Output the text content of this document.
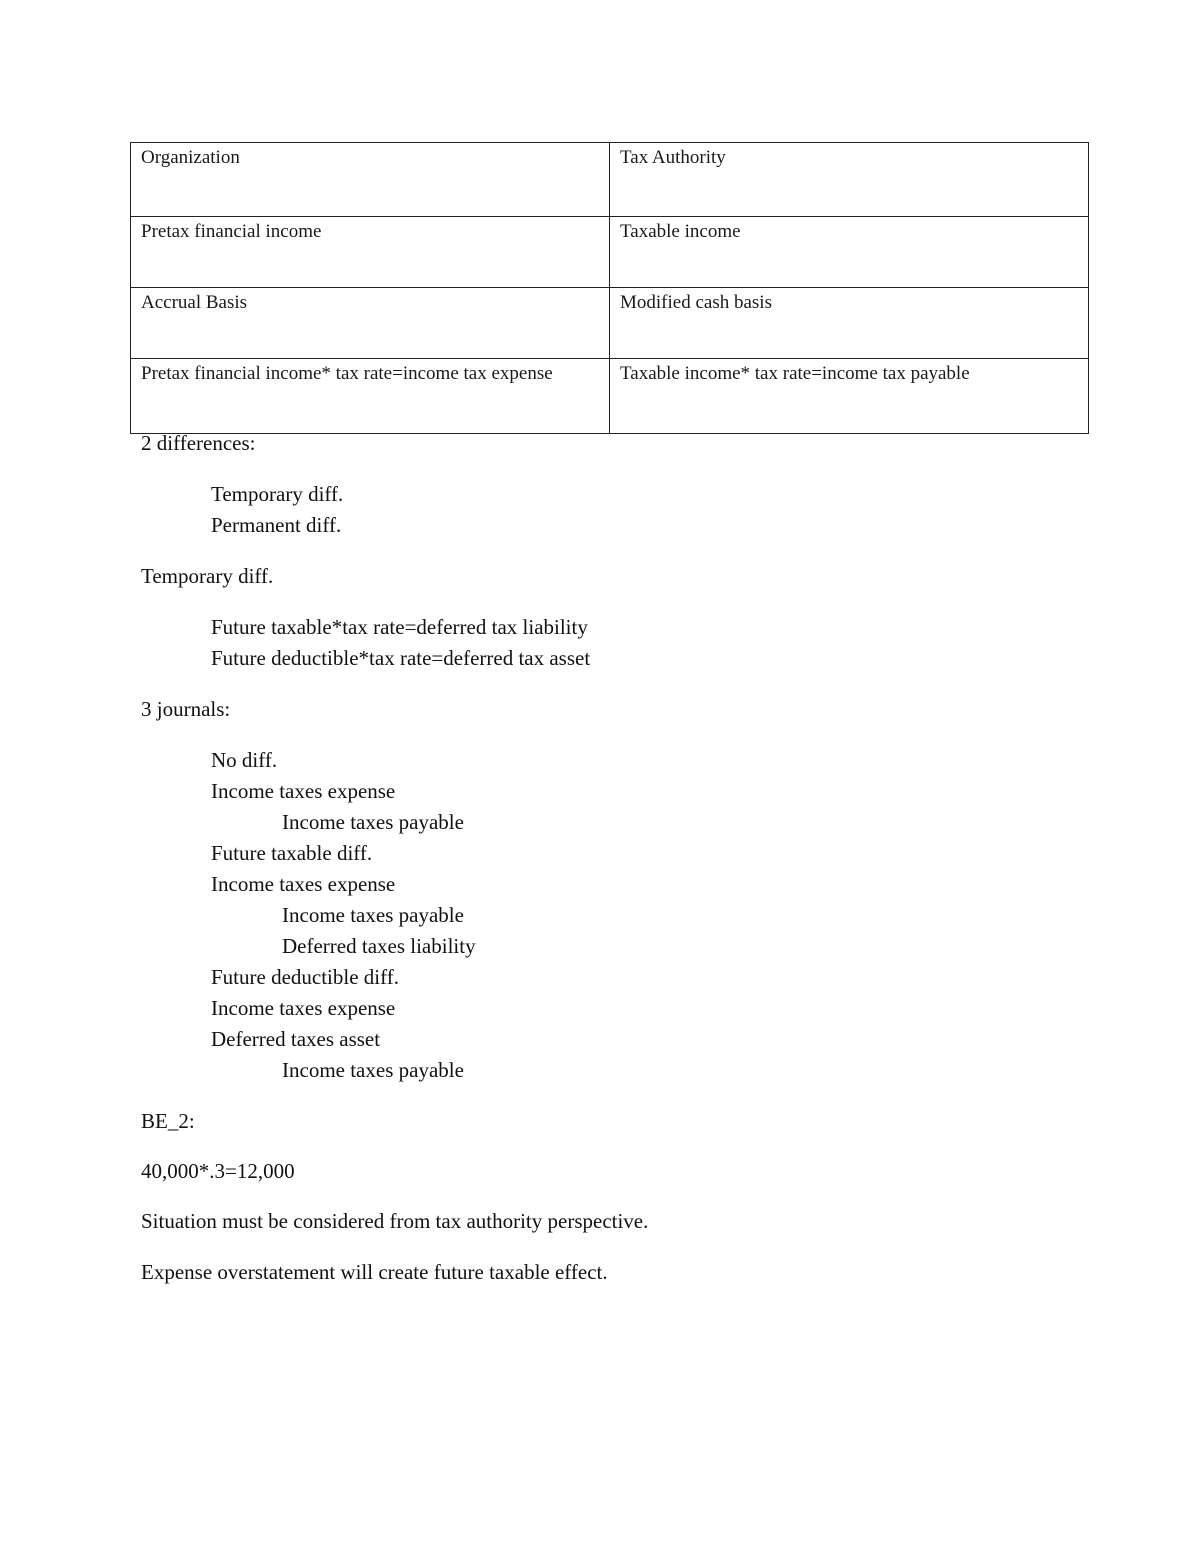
Organization	Tax Authority
Pretax financial income	Taxable income
Accrual Basis	Modified cash basis
Pretax financial income* tax rate=income tax expense	Taxable income* tax rate=income tax payable

2 differences:

Temporary diff.

Permanent diff.

Temporary diff.

Future taxable*tax rate=deferred tax liability

Future deductible*tax rate=deferred tax asset

3 journals:

No diff.

Income taxes expense

Income taxes payable

Future taxable diff.

Income taxes expense

Income taxes payable

Deferred taxes liability

Future deductible diff.

Income taxes expense

Deferred taxes asset

Income taxes payable

BE_2:

40,000*.3=12,000

Situation must be considered from tax authority perspective.

Expense overstatement will create future taxable effect.
